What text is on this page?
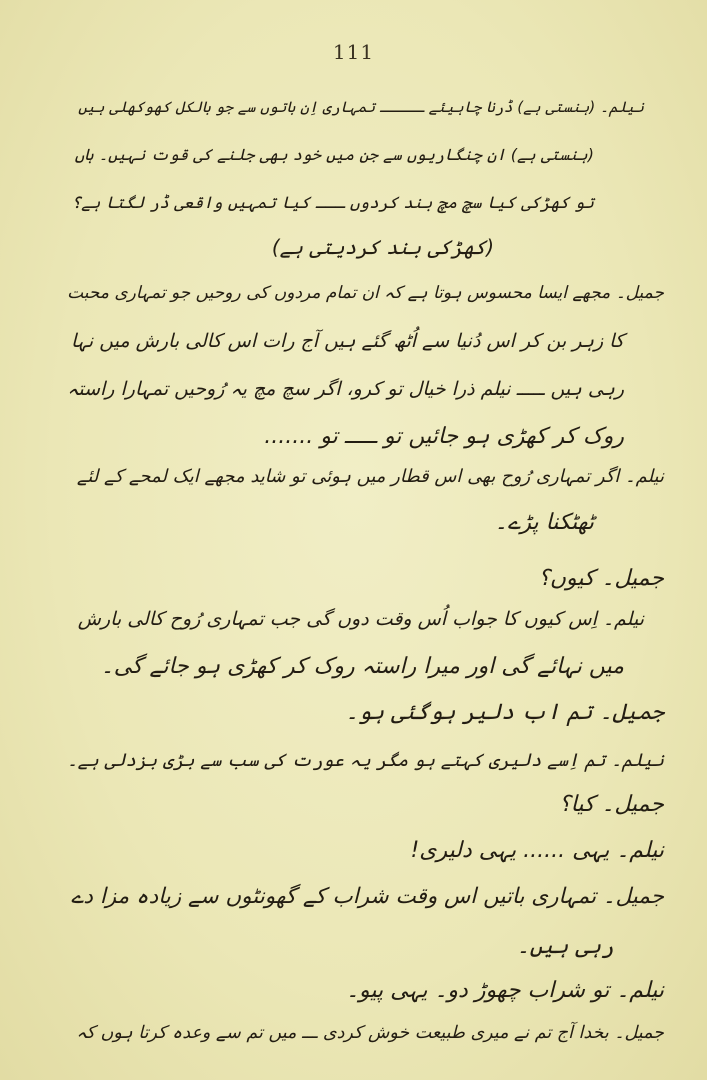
111
نیلم۔ (ہنستی ہے) ڈرنا چاہیئے ـــــ تمہاری اِن باتوں سے جو بالکل کھوکھلی ہیں
(ہنستی ہے) ان چنگاریوں سے جن میں خود بھی جلنے کی قوت نہیں۔ ہاں
تو کھڑکی کیا سچ مچ بند کردوں ـــ کیا تمہیں واقعی ڈر لگتا ہے؟
(کھڑکی بند کردیتی ہے)
جمیل۔ مجھے ایسا محسوس ہوتا ہے کہ ان تمام مردوں کی روحیں جو تمہاری محبت
کا زہر بن کر اس دُنیا سے اُٹھ گئے ہیں آج رات اس کالی بارش میں نہا
رہی ہیں ـــــ نیلم ذرا خیال تو کرو، اگر سچ مچ یہ رُوحیں تمہارا راستہ
روک کر کھڑی ہو جائیں تو ـــــ تو .......
نیلم۔ اگر تمہاری رُوح بھی اس قطار میں ہوئی تو شاید مجھے ایک لمحے کے لئے
ٹھٹکنا پڑے۔
جمیل۔ کیوں؟
نیلم۔ اِس کیوں کا جواب اُس وقت دوں گی جب تمہاری رُوح کالی بارش
میں نہائے گی اور میرا راستہ روک کر کھڑی ہو جائے گی۔
جمیل۔ تم اب دلیر ہوگئی ہو۔
نیلم۔ تم اِسے دلیری کہتے ہو مگر یہ عورت کی سب سے بڑی بزدلی ہے۔
جمیل۔ کیا؟
نیلم۔ یہی ...... یہی دلیری!
جمیل۔ تمہاری باتیں اس وقت شراب کے گھونٹوں سے زیادہ مزا دے
رہی ہیں۔
نیلم۔ تو شراب چھوڑ دو۔ یہی پیو۔
جمیل۔ بخدا آج تم نے میری طبیعت خوش کردی ـــ میں تم سے وعدہ کرتا ہوں کہ
